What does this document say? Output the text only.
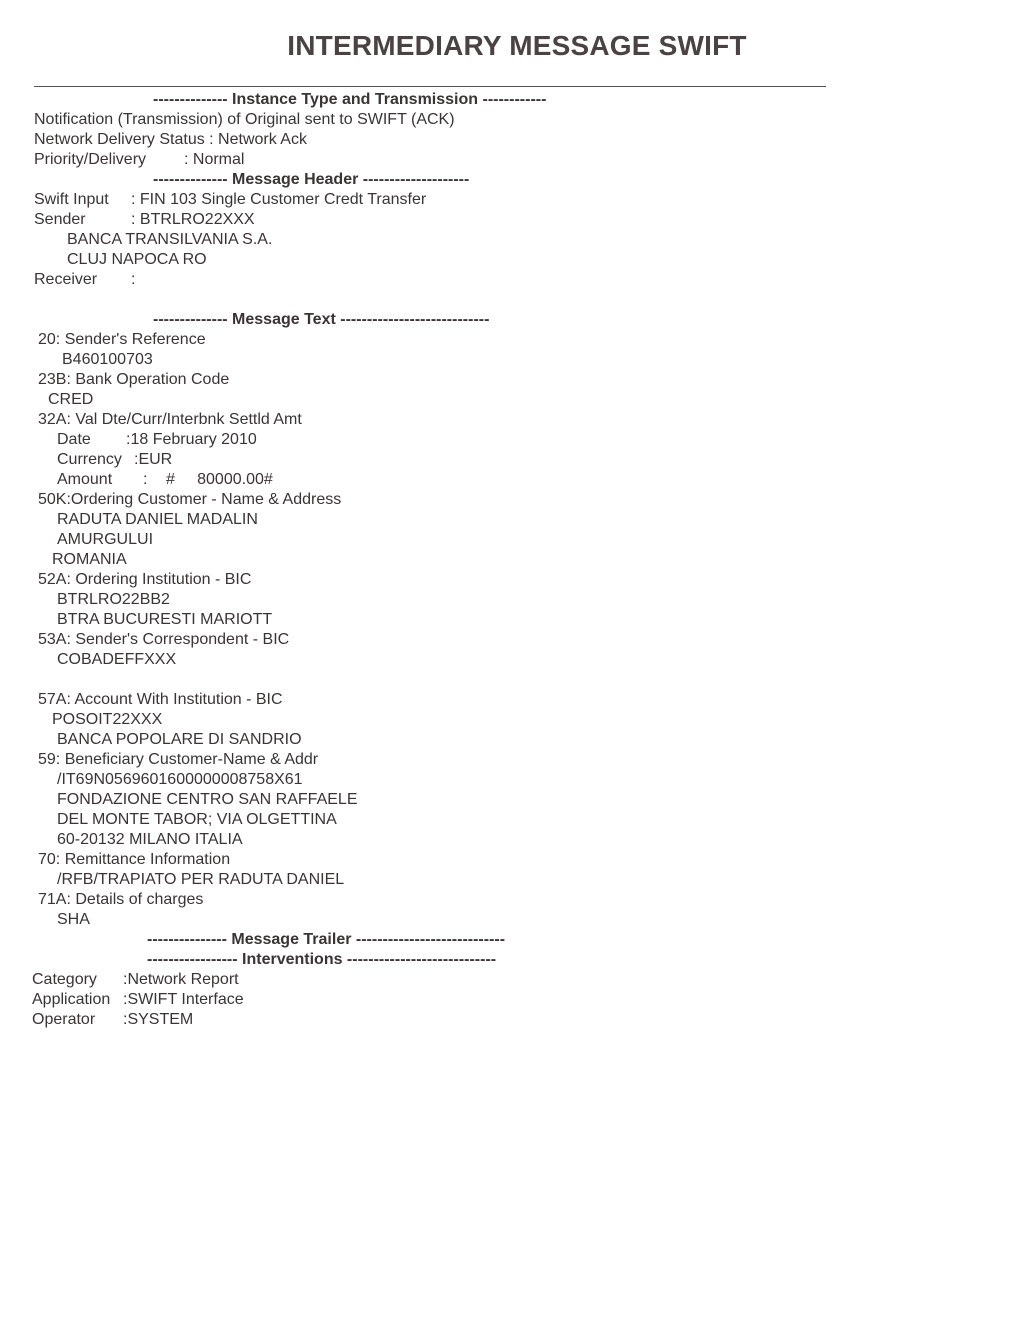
INTERMEDIARY MESSAGE SWIFT
-------------- Instance Type and Transmission ------------
Notification (Transmission) of Original sent to SWIFT (ACK)
Network Delivery Status : Network Ack
Priority/Delivery : Normal
-------------- Message Header --------------------
Swift Input : FIN 103 Single Customer Credt Transfer
Sender	: BTRLRO22XXX
BANCA TRANSILVANIA S.A.
CLUJ NAPOCA RO
Receiver :
-------------- Message Text ----------------------------
20: Sender's Reference
B460100703
23B: Bank Operation Code
CRED
32A: Val Dte/Curr/Interbnk Settld Amt
Date :18 February 2010
Currency :EUR
Amount : #     80000.00#
50K:Ordering Customer - Name & Address
RADUTA DANIEL MADALIN
AMURGULUI
ROMANIA
52A: Ordering Institution - BIC
BTRLRO22BB2
BTRA BUCURESTI MARIOTT
53A: Sender's Correspondent - BIC
COBADEFFXXX
57A: Account With Institution - BIC
POSOIT22XXX
BANCA POPOLARE DI SANDRIO
59: Beneficiary Customer-Name & Addr
/IT69N0569601600000008758X61
FONDAZIONE CENTRO SAN RAFFAELE
DEL MONTE TABOR; VIA OLGETTINA
60-20132 MILANO ITALIA
70: Remittance Information
/RFB/TRAPIATO PER RADUTA DANIEL
71A: Details of charges
SHA
--------------- Message Trailer ----------------------------
----------------- Interventions ----------------------------
Category :Network Report
Application :SWIFT Interface
Operator :SYSTEM
